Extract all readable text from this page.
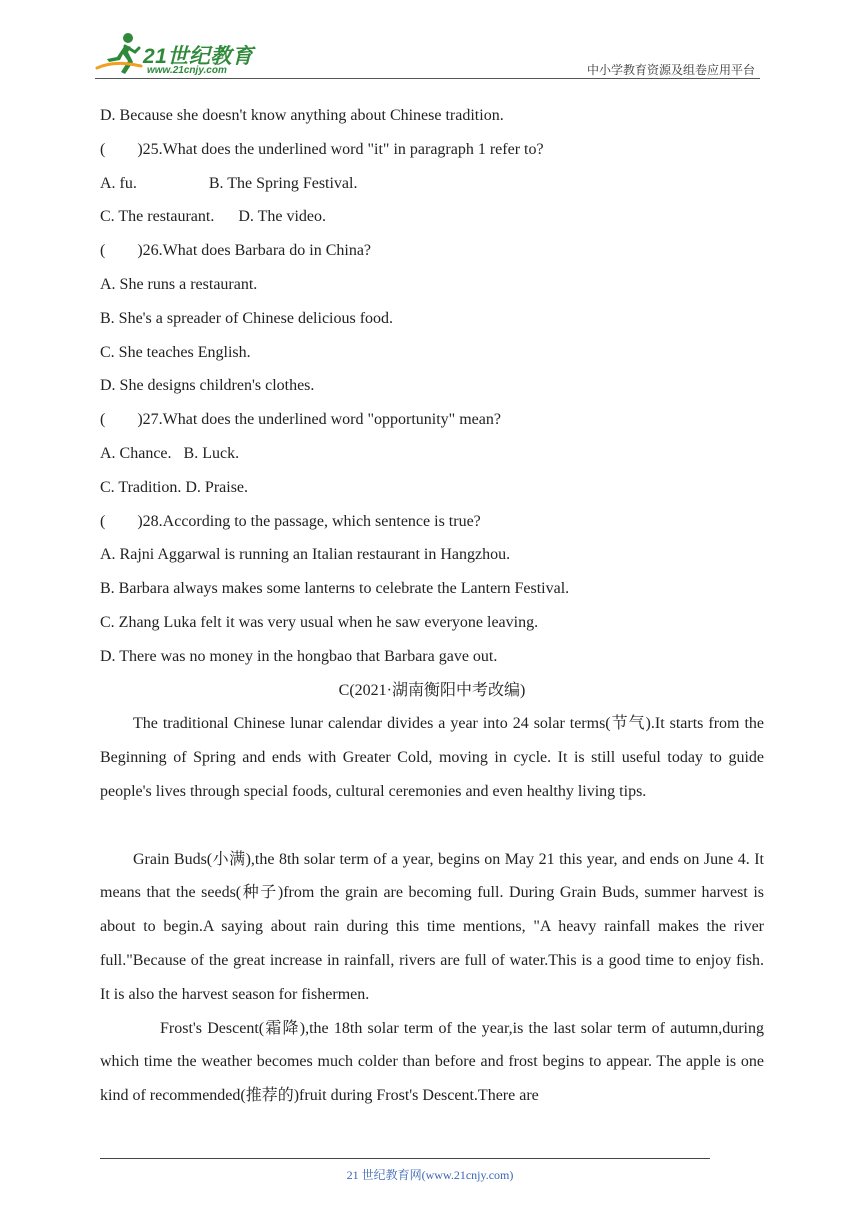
21世纪教育
www.21cnjy.com	中小学教育资源及组卷应用平台
D. Because she doesn't know anything about Chinese tradition.
(　　)25.What does the underlined word "it" in paragraph 1 refer to?
A. fu.                  B. The Spring Festival.
C. The restaurant.      D. The video.
(　　)26.What does Barbara do in China?
A. She runs a restaurant.
B. She's a spreader of Chinese delicious food.
C. She teaches English.
D. She designs children's clothes.
(　　)27.What does the underlined word "opportunity" mean?
A. Chance.   B. Luck.
C. Tradition. D. Praise.
(　　)28.According to the passage, which sentence is true?
A. Rajni Aggarwal is running an Italian restaurant in Hangzhou.
B. Barbara always makes some lanterns to celebrate the Lantern Festival.
C. Zhang Luka felt it was very usual when he saw everyone leaving.
D. There was no money in the hongbao that Barbara gave out.
C(2021·湖南衡阳中考改编)

The traditional Chinese lunar calendar divides a year into 24 solar terms(节气).It starts from the Beginning of Spring and ends with Greater Cold, moving in cycle. It is still useful today to guide people's lives through special foods, cultural ceremonies and even healthy living tips.

Grain Buds(小满),the 8th solar term of a year, begins on May 21 this year, and ends on June 4. It means that the seeds(种子)from the grain are becoming full. During Grain Buds, summer harvest is about to begin.A saying about rain during this time mentions, "A heavy rainfall makes the river full."Because of the great increase in rainfall, rivers are full of water.This is a good time to enjoy fish. It is also the harvest season for fishermen.

Frost's Descent(霜降),the 18th solar term of the year,is the last solar term of autumn,during which time the weather becomes much colder than before and frost begins to appear. The apple is one kind of recommended(推荐的)fruit during Frost's Descent.There are

21 世纪教育网(www.21cnjy.com)
